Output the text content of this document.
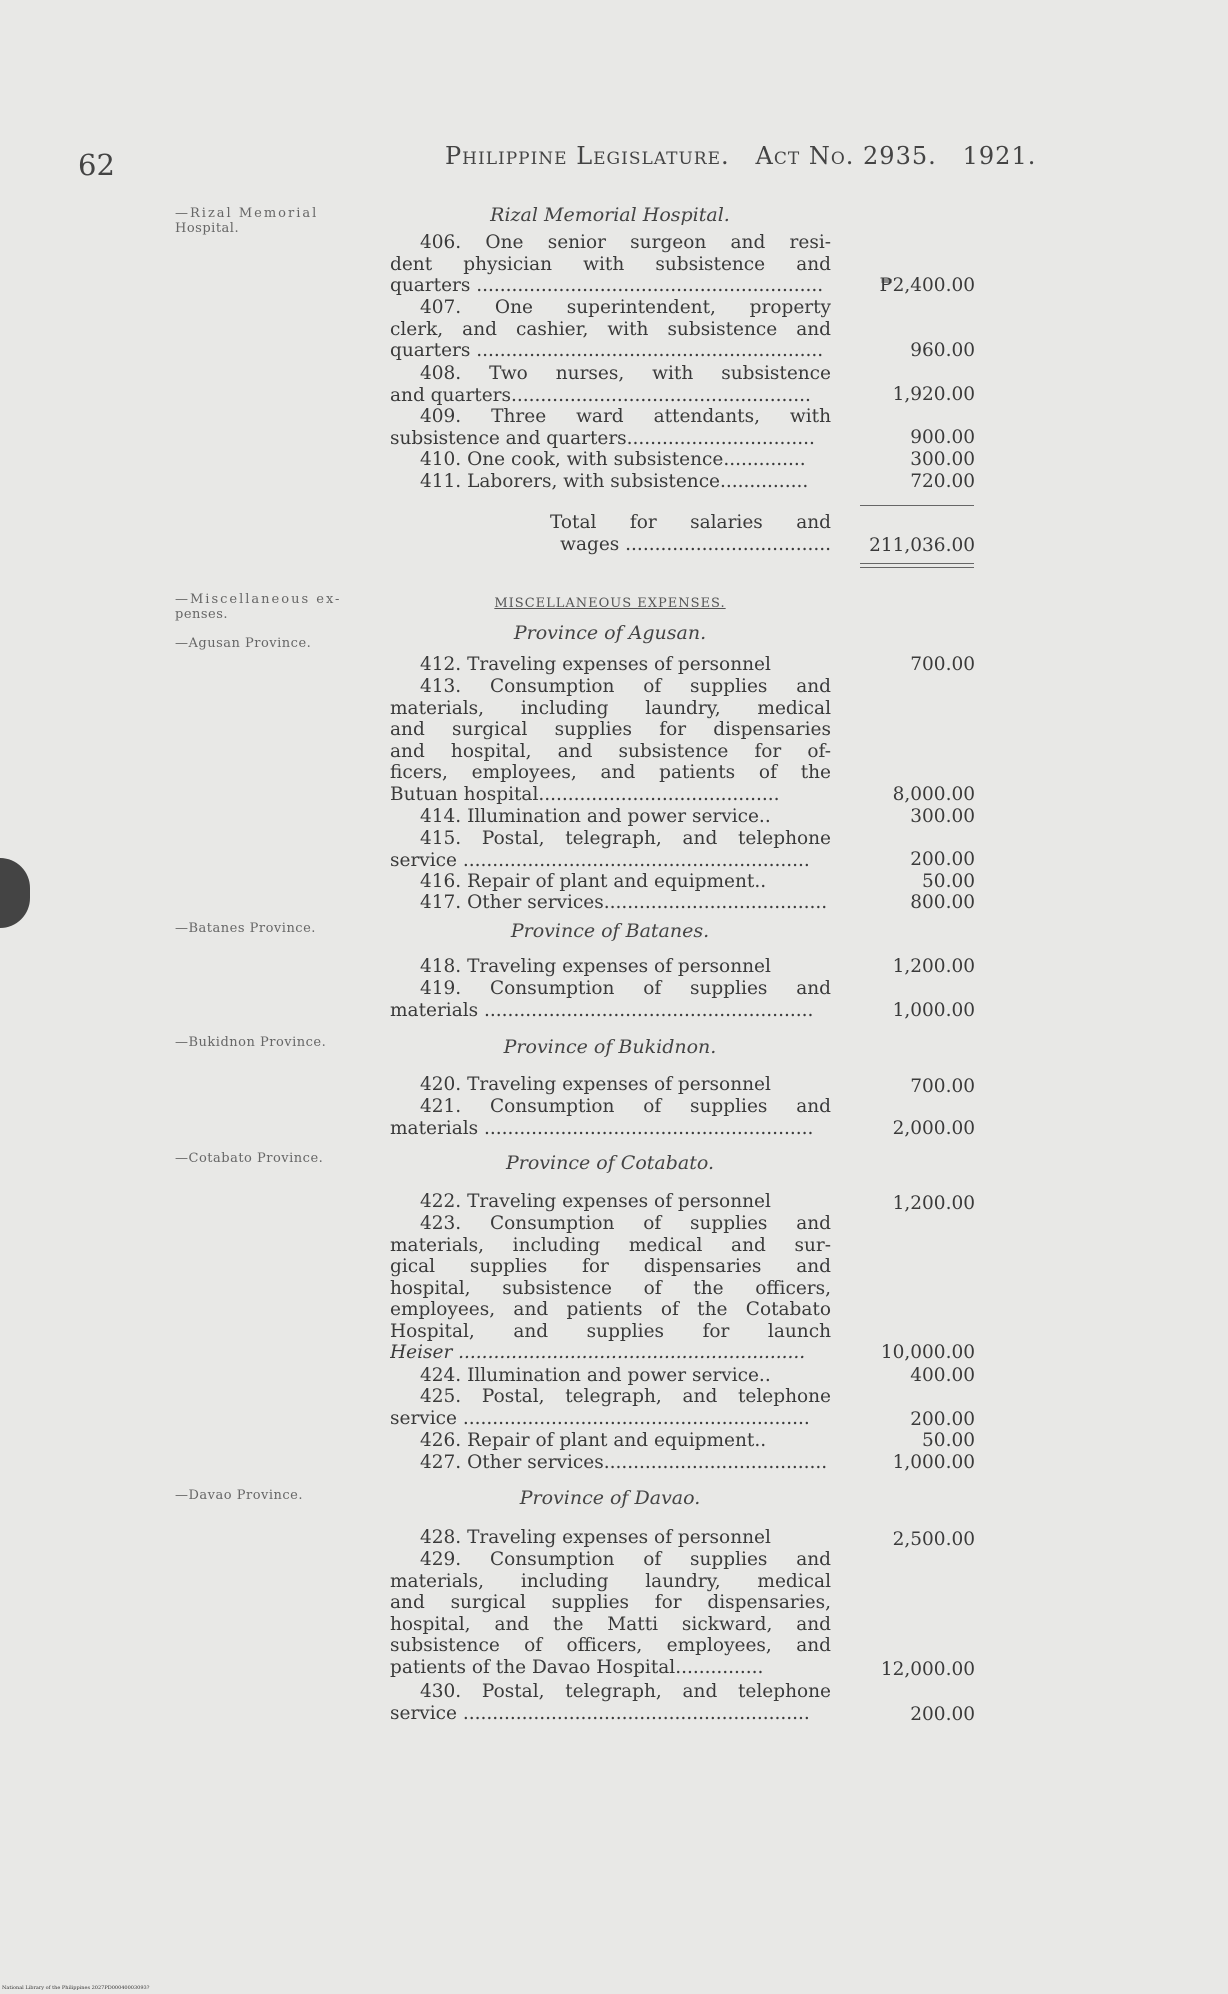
62	Philippine Legislature. Act No. 2935. 1921.
—Rizal Memorial
Hospital.
—Miscellaneous ex-
penses.
—Agusan Province.
—Batanes Province.
—Bukidnon Province.
—Cotabato Province.
—Davao Province.
Rizal Memorial Hospital.
406. One senior surgeon and resi-
dent physician with subsistence and
quarters ...........................................................	₱2,400.00
407. One superintendent, property
clerk, and cashier, with subsistence and
quarters ...........................................................	960.00
408. Two nurses, with subsistence
and quarters...................................................	1,920.00
409. Three ward attendants, with
subsistence and quarters................................	900.00
410. One cook, with subsistence..............	300.00
411. Laborers, with subsistence...............	720.00
Total for salaries and
wages ...................................	211,036.00
MISCELLANEOUS EXPENSES.
Province of Agusan.
412. Traveling expenses of personnel	700.00
413. Consumption of supplies and
materials, including laundry, medical
and surgical supplies for dispensaries
and hospital, and subsistence for of-
ficers, employees, and patients of the
Butuan hospital.........................................	8,000.00
414. Illumination and power service..	300.00
415. Postal, telegraph, and telephone
service ...........................................................	200.00
416. Repair of plant and equipment..	50.00
417. Other services......................................	800.00
Province of Batanes.
418. Traveling expenses of personnel	1,200.00
419. Consumption of supplies and
materials ........................................................	1,000.00
Province of Bukidnon.
420. Traveling expenses of personnel	700.00
421. Consumption of supplies and
materials ........................................................	2,000.00
Province of Cotabato.
422. Traveling expenses of personnel	1,200.00
423. Consumption of supplies and
materials, including medical and sur-
gical supplies for dispensaries and
hospital, subsistence of the officers,
employees, and patients of the Cotabato
Hospital, and supplies for launch
Heiser ...........................................................	10,000.00
424. Illumination and power service..	400.00
425. Postal, telegraph, and telephone
service ...........................................................	200.00
426. Repair of plant and equipment..	50.00
427. Other services......................................	1,000.00
Province of Davao.
428. Traveling expenses of personnel	2,500.00
429. Consumption of supplies and
materials, including laundry, medical
and surgical supplies for dispensaries,
hospital, and the Matti sickward, and
subsistence of officers, employees, and
patients of the Davao Hospital...............	12,000.00
430. Postal, telegraph, and telephone
service ...........................................................	200.00
National Library of the Philippines 2027PD00040003093?
